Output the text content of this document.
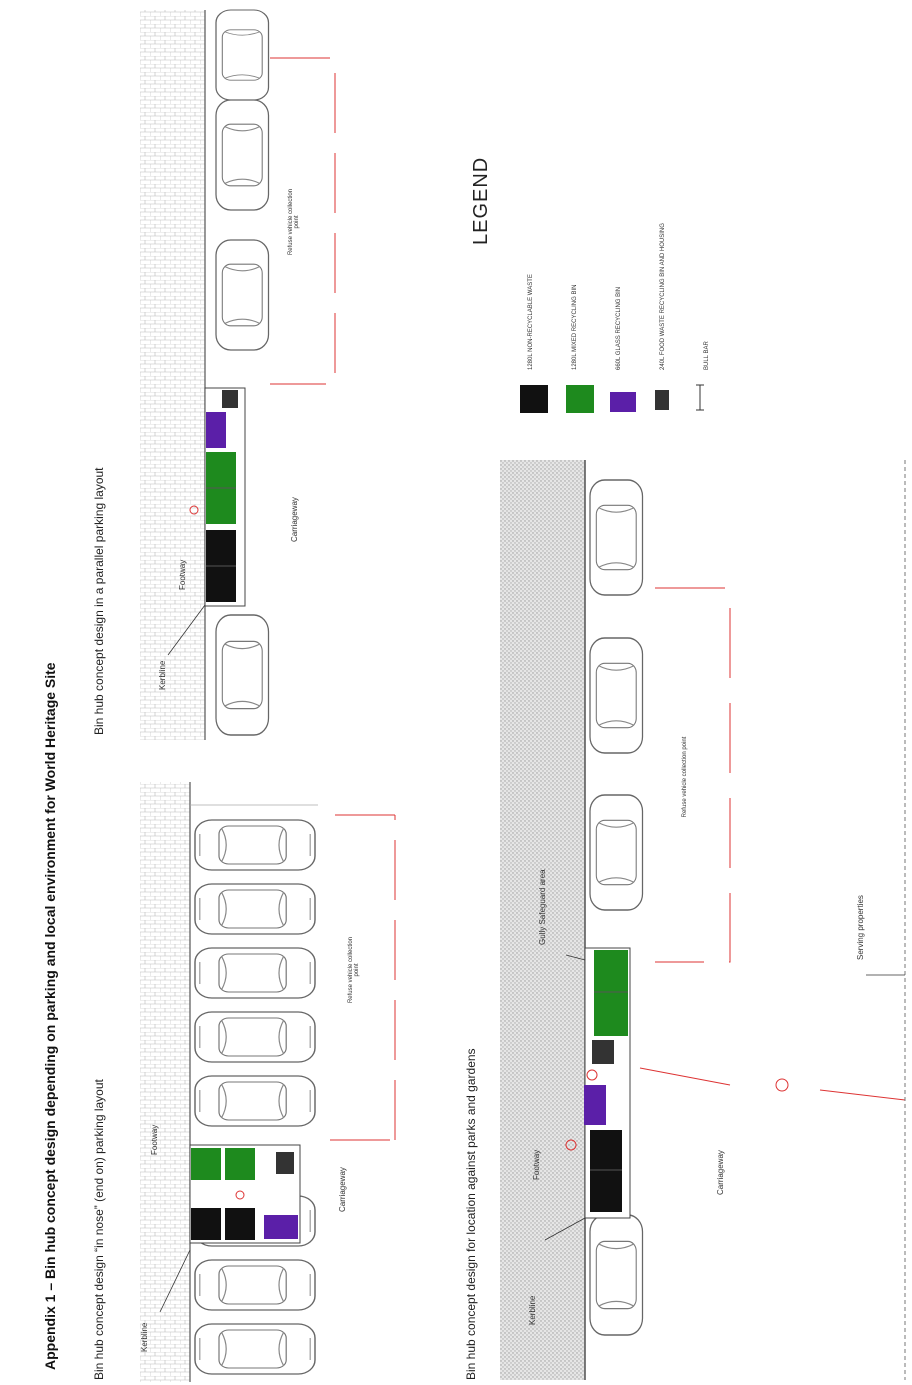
Appendix 1 – Bin hub concept design depending on parking and local environment for World Heritage Site	Bin hub concept design “in nose” (end on) parking layout	Kerbline
Footway
Carriageway
Refuse vehicle collection point
Bin hub concept design in a parallel parking layout	Kerbline
Footway
Carriageway
Refuse vehicle collection point
Bin hub concept design for location against parks and gardens	Kerbline
Footway
Gully Safeguard area
Carriageway
Refuse vehicle collection point
Serving properties
LEGEND
1280L NON-RECYCLABLE WASTE	1280L MIXED RECYCLING BIN	660L GLASS RECYCLING BIN	240L FOOD WASTE RECYCLING BIN AND HOUSING	BULL BAR
